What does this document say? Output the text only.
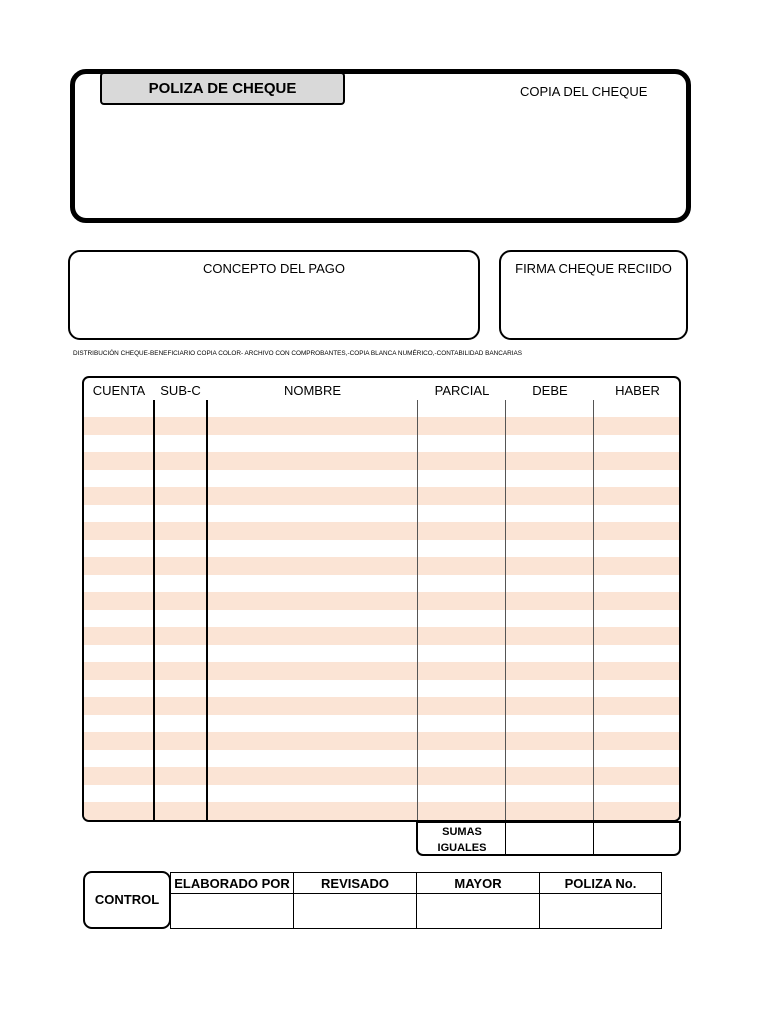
POLIZA DE CHEQUE	COPIA DEL CHEQUE
CONCEPTO DEL PAGO	FIRMA CHEQUE RECIIDO
DISTRIBUCIÓN CHEQUE-BENEFICIARIO COPIA COLOR- ARCHIVO CON COMPROBANTES,-COPIA BLANCA NUMÉRICO,-CONTABILIDAD BANCARIAS
CUENTA	SUB-C	NOMBRE	PARCIAL	DEBE	HABER
SUMAS
IGUALES
CONTROL
ELABORADO POR	REVISADO	MAYOR	POLIZA No.
